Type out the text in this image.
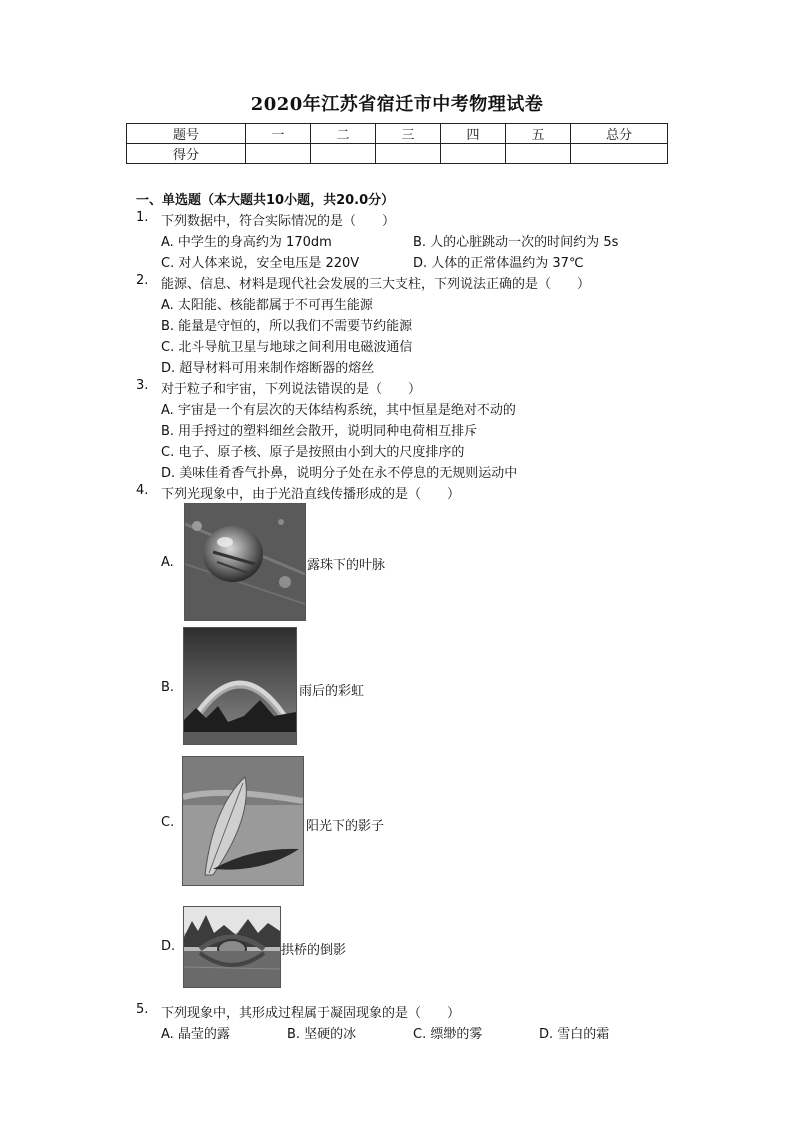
2020年江苏省宿迁市中考物理试卷
题号	一	二	三	四	五	总分
得分						
一、单选题（本大题共10小题，共20.0分）
1. 下列数据中，符合实际情况的是（　　）
A. 中学生的身高约为 170dm	B. 人的心脏跳动一次的时间约为 5s
C. 对人体来说，安全电压是 220V	D. 人体的正常体温约为 37℃
2. 能源、信息、材料是现代社会发展的三大支柱，下列说法正确的是（　　）
A. 太阳能、核能都属于不可再生能源
B. 能量是守恒的，所以我们不需要节约能源
C. 北斗导航卫星与地球之间利用电磁波通信
D. 超导材料可用来制作熔断器的熔丝
3. 对于粒子和宇宙，下列说法错误的是（　　）
A. 宇宙是一个有层次的天体结构系统，其中恒星是绝对不动的
B. 用手捋过的塑料细丝会散开，说明同种电荷相互排斥
C. 电子、原子核、原子是按照由小到大的尺度排序的
D. 美味佳肴香气扑鼻，说明分子处在永不停息的无规则运动中
4. 下列光现象中，由于光沿直线传播形成的是（　　）
A.	露珠下的叶脉
B.	雨后的彩虹
C.	阳光下的影子
D.	拱桥的倒影
5. 下列现象中，其形成过程属于凝固现象的是（　　）
A. 晶莹的露	B. 坚硬的冰	C. 缥缈的雾	D. 雪白的霜
